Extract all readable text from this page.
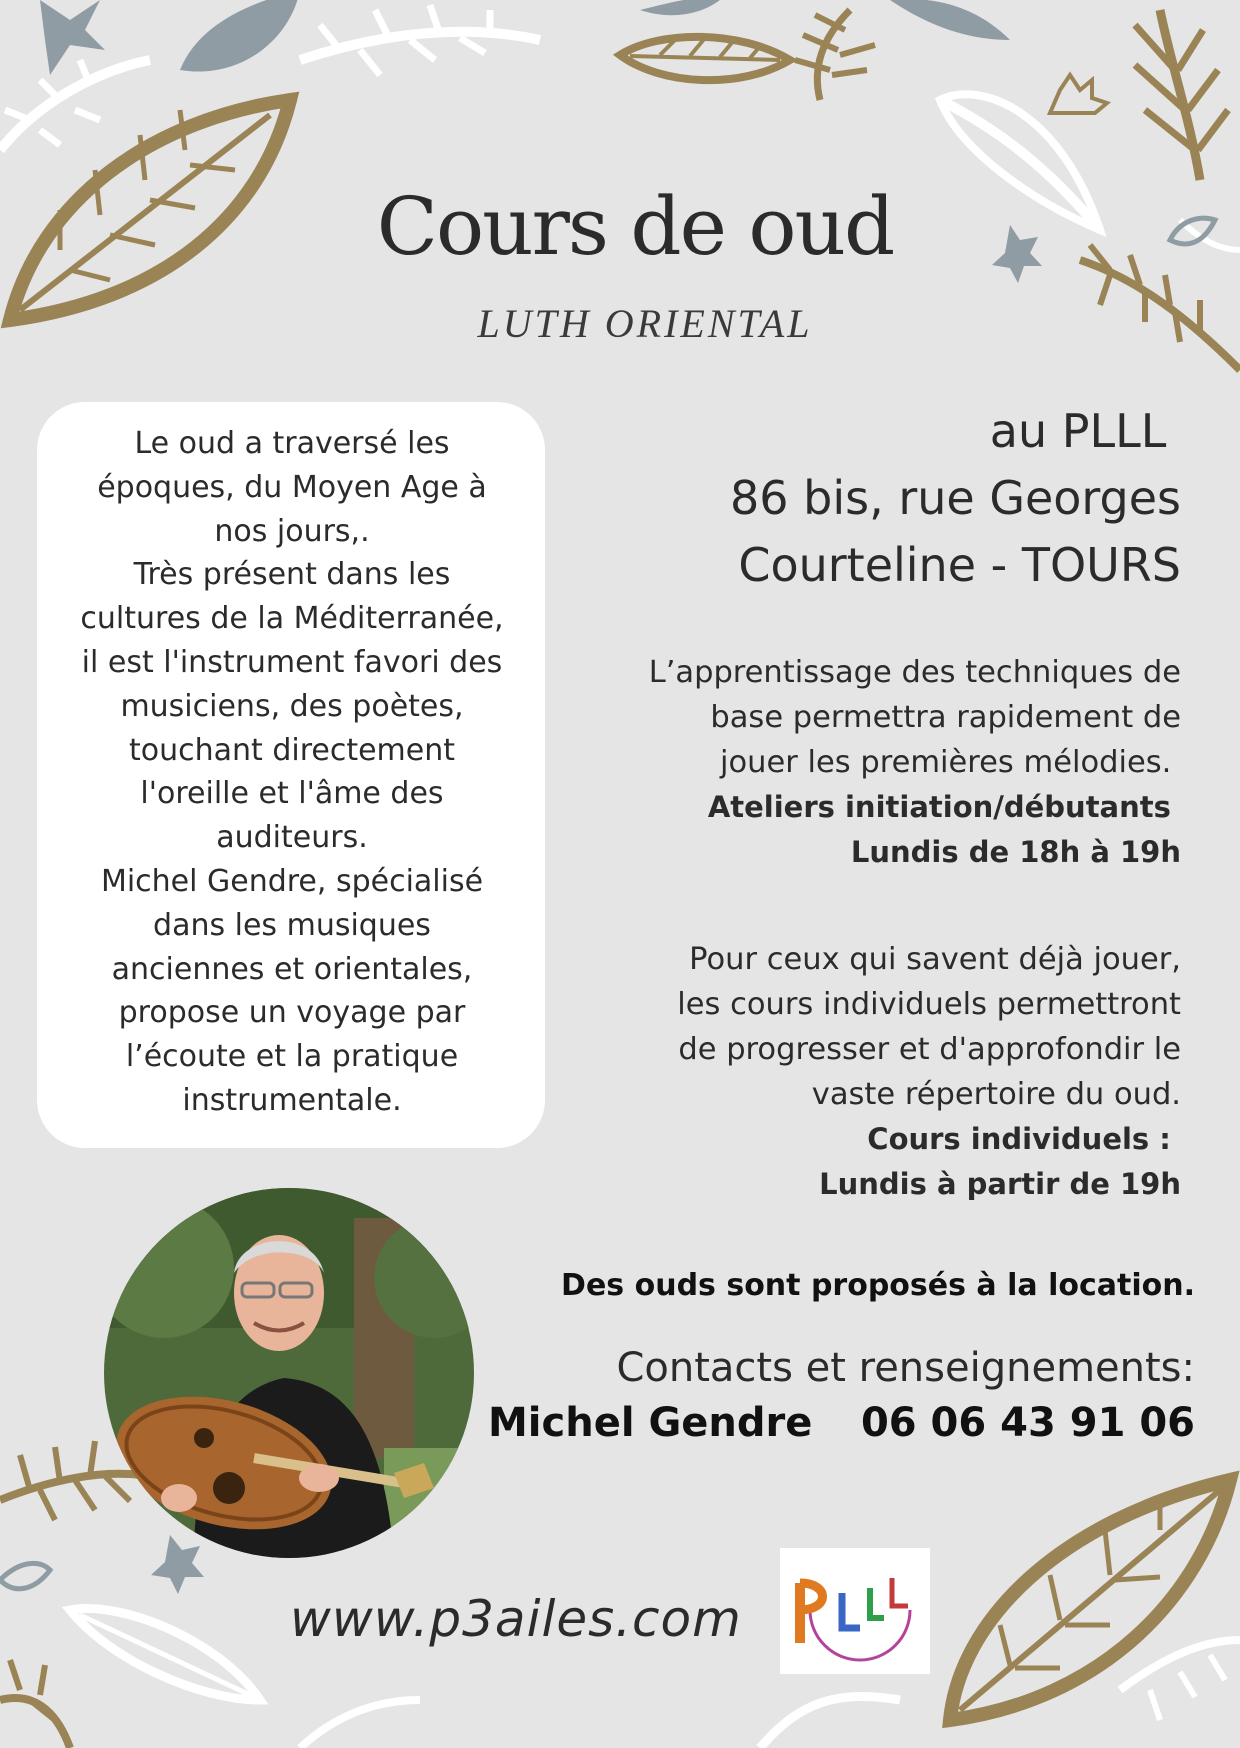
Cours de oud
LUTH ORIENTAL
Le oud a traversé les
époques, du Moyen Age à
nos jours,.
Très présent dans les
cultures de la Méditerranée,
il est l'instrument favori des
musiciens, des poètes,
touchant directement
l'oreille et l'âme des
auditeurs.
Michel Gendre, spécialisé
dans les musiques
anciennes et orientales,
propose un voyage par
l’écoute et la pratique
instrumentale.
au PLLL
86 bis, rue Georges
Courteline - TOURS
L’apprentissage des techniques de
base permettra rapidement de
jouer les premières mélodies.
Ateliers initiation/débutants
Lundis de 18h à 19h
Pour ceux qui savent déjà jouer,
les cours individuels permettront
de progresser et d'approfondir le
vaste répertoire du oud.
Cours individuels :
Lundis à partir de 19h
Des ouds sont proposés à la location.
Contacts et renseignements:
Michel Gendre 06 06 43 91 06
www.p3ailes.com
